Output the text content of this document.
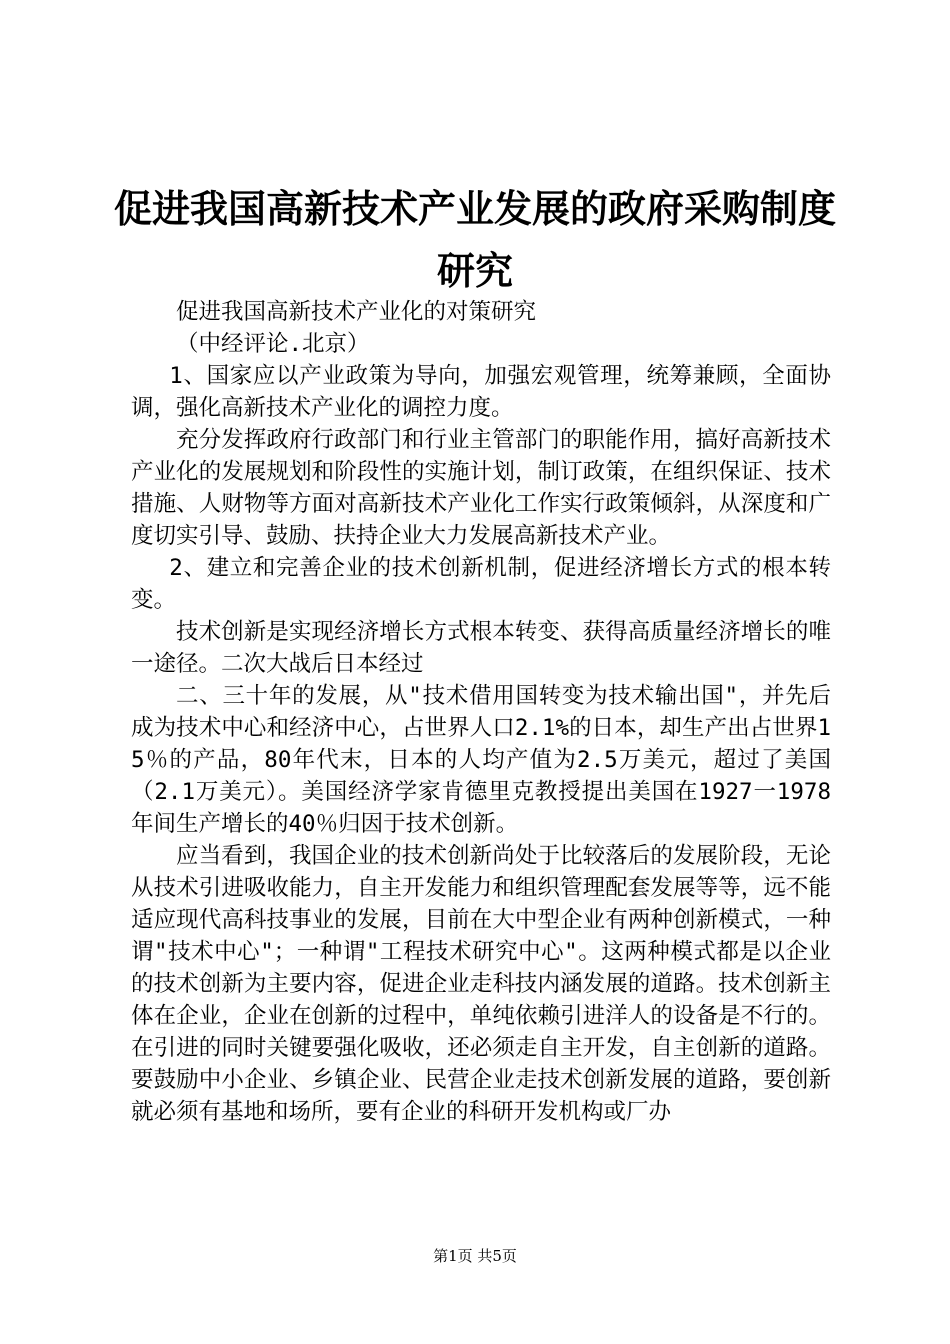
促进我国高新技术产业发展的政府采购制度研究

促进我国高新技术产业化的对策研究

（中经评论.北京）

1、国家应以产业政策为导向，加强宏观管理，统筹兼顾，全面协调，强化高新技术产业化的调控力度。

充分发挥政府行政部门和行业主管部门的职能作用，搞好高新技术产业化的发展规划和阶段性的实施计划，制订政策，在组织保证、技术措施、人财物等方面对高新技术产业化工作实行政策倾斜，从深度和广度切实引导、鼓励、扶持企业大力发展高新技术产业。

2、建立和完善企业的技术创新机制，促进经济增长方式的根本转变。

技术创新是实现经济增长方式根本转变、获得高质量经济增长的唯一途径。二次大战后日本经过

二、三十年的发展，从"技术借用国转变为技术输出国"，并先后成为技术中心和经济中心，占世界人口2.1%的日本，却生产出占世界15％的产品，80年代末，日本的人均产值为2.5万美元，超过了美国（2.1万美元）。美国经济学家肯德里克教授提出美国在1927一1978年间生产增长的40％归因于技术创新。

应当看到，我国企业的技术创新尚处于比较落后的发展阶段，无论从技术引进吸收能力，自主开发能力和组织管理配套发展等等，远不能适应现代高科技事业的发展，目前在大中型企业有两种创新模式，一种谓"技术中心"；一种谓"工程技术研究中心"。这两种模式都是以企业的技术创新为主要内容，促进企业走科技内涵发展的道路。技术创新主体在企业，企业在创新的过程中，单纯依赖引进洋人的设备是不行的。在引进的同时关键要强化吸收，还必须走自主开发，自主创新的道路。要鼓励中小企业、乡镇企业、民营企业走技术创新发展的道路，要创新就必须有基地和场所，要有企业的科研开发机构或厂办

第1页 共5页
